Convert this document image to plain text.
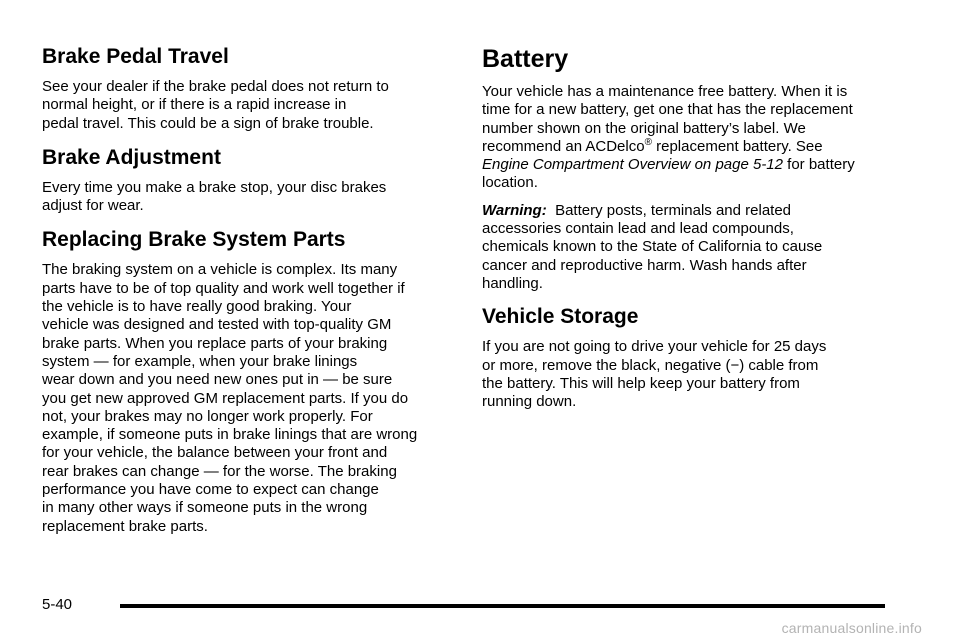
Brake Pedal Travel

See your dealer if the brake pedal does not return to
normal height, or if there is a rapid increase in
pedal travel. This could be a sign of brake trouble.

Brake Adjustment

Every time you make a brake stop, your disc brakes
adjust for wear.

Replacing Brake System Parts

The braking system on a vehicle is complex. Its many
parts have to be of top quality and work well together if
the vehicle is to have really good braking. Your
vehicle was designed and tested with top-quality GM
brake parts. When you replace parts of your braking
system — for example, when your brake linings
wear down and you need new ones put in — be sure
you get new approved GM replacement parts. If you do
not, your brakes may no longer work properly. For
example, if someone puts in brake linings that are wrong
for your vehicle, the balance between your front and
rear brakes can change — for the worse. The braking
performance you have come to expect can change
in many other ways if someone puts in the wrong
replacement brake parts.

Battery

Your vehicle has a maintenance free battery. When it is
time for a new battery, get one that has the replacement
number shown on the original battery’s label. We
recommend an ACDelco® replacement battery. See
Engine Compartment Overview on page 5-12 for battery
location.

Warning: Battery posts, terminals and related
accessories contain lead and lead compounds,
chemicals known to the State of California to cause
cancer and reproductive harm. Wash hands after
handling.

Vehicle Storage

If you are not going to drive your vehicle for 25 days
or more, remove the black, negative (−) cable from
the battery. This will help keep your battery from
running down.

5-40
carmanualsonline.info
